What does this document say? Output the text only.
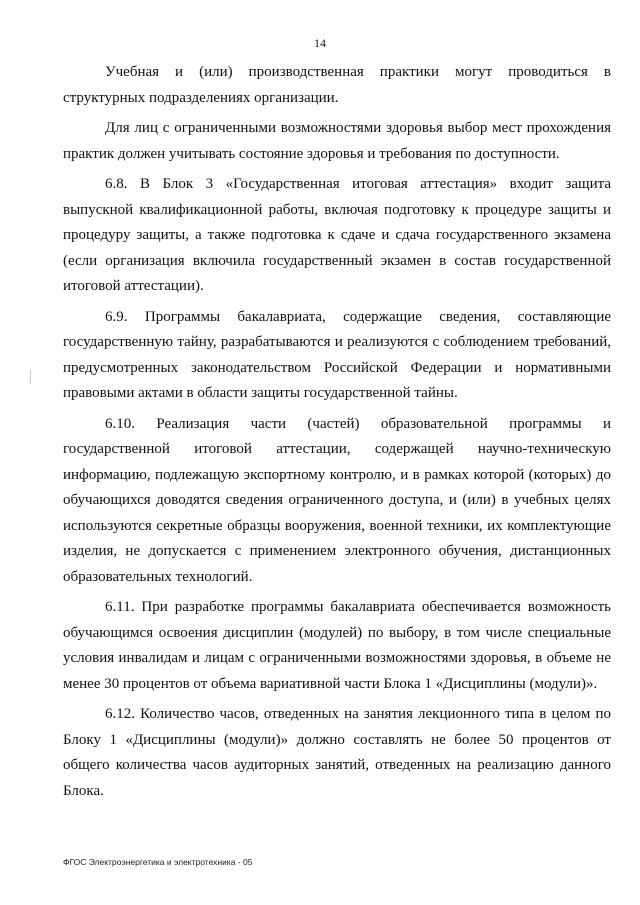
14

Учебная и (или) производственная практики могут проводиться в структурных подразделениях организации.

Для лиц с ограниченными возможностями здоровья выбор мест прохождения практик должен учитывать состояние здоровья и требования по доступности.

6.8. В Блок 3 «Государственная итоговая аттестация» входит защита выпускной квалификационной работы, включая подготовку к процедуре защиты и процедуру защиты, а также подготовка к сдаче и сдача государственного экзамена (если организация включила государственный экзамен в состав государственной итоговой аттестации).

6.9. Программы бакалавриата, содержащие сведения, составляющие государственную тайну, разрабатываются и реализуются с соблюдением требований, предусмотренных законодательством Российской Федерации и нормативными правовыми актами в области защиты государственной тайны.

6.10. Реализация части (частей) образовательной программы и государственной итоговой аттестации, содержащей научно-техническую информацию, подлежащую экспортному контролю, и в рамках которой (которых) до обучающихся доводятся сведения ограниченного доступа, и (или) в учебных целях используются секретные образцы вооружения, военной техники, их комплектующие изделия, не допускается с применением электронного обучения, дистанционных образовательных технологий.

6.11. При разработке программы бакалавриата обеспечивается возможность обучающимся освоения дисциплин (модулей) по выбору, в том числе специальные условия инвалидам и лицам с ограниченными возможностями здоровья, в объеме не менее 30 процентов от объема вариативной части Блока 1 «Дисциплины (модули)».

6.12. Количество часов, отведенных на занятия лекционного типа в целом по Блоку 1 «Дисциплины (модули)» должно составлять не более 50 процентов от общего количества часов аудиторных занятий, отведенных на реализацию данного Блока.

ФГОС Электроэнергетика и электротехника - 05
